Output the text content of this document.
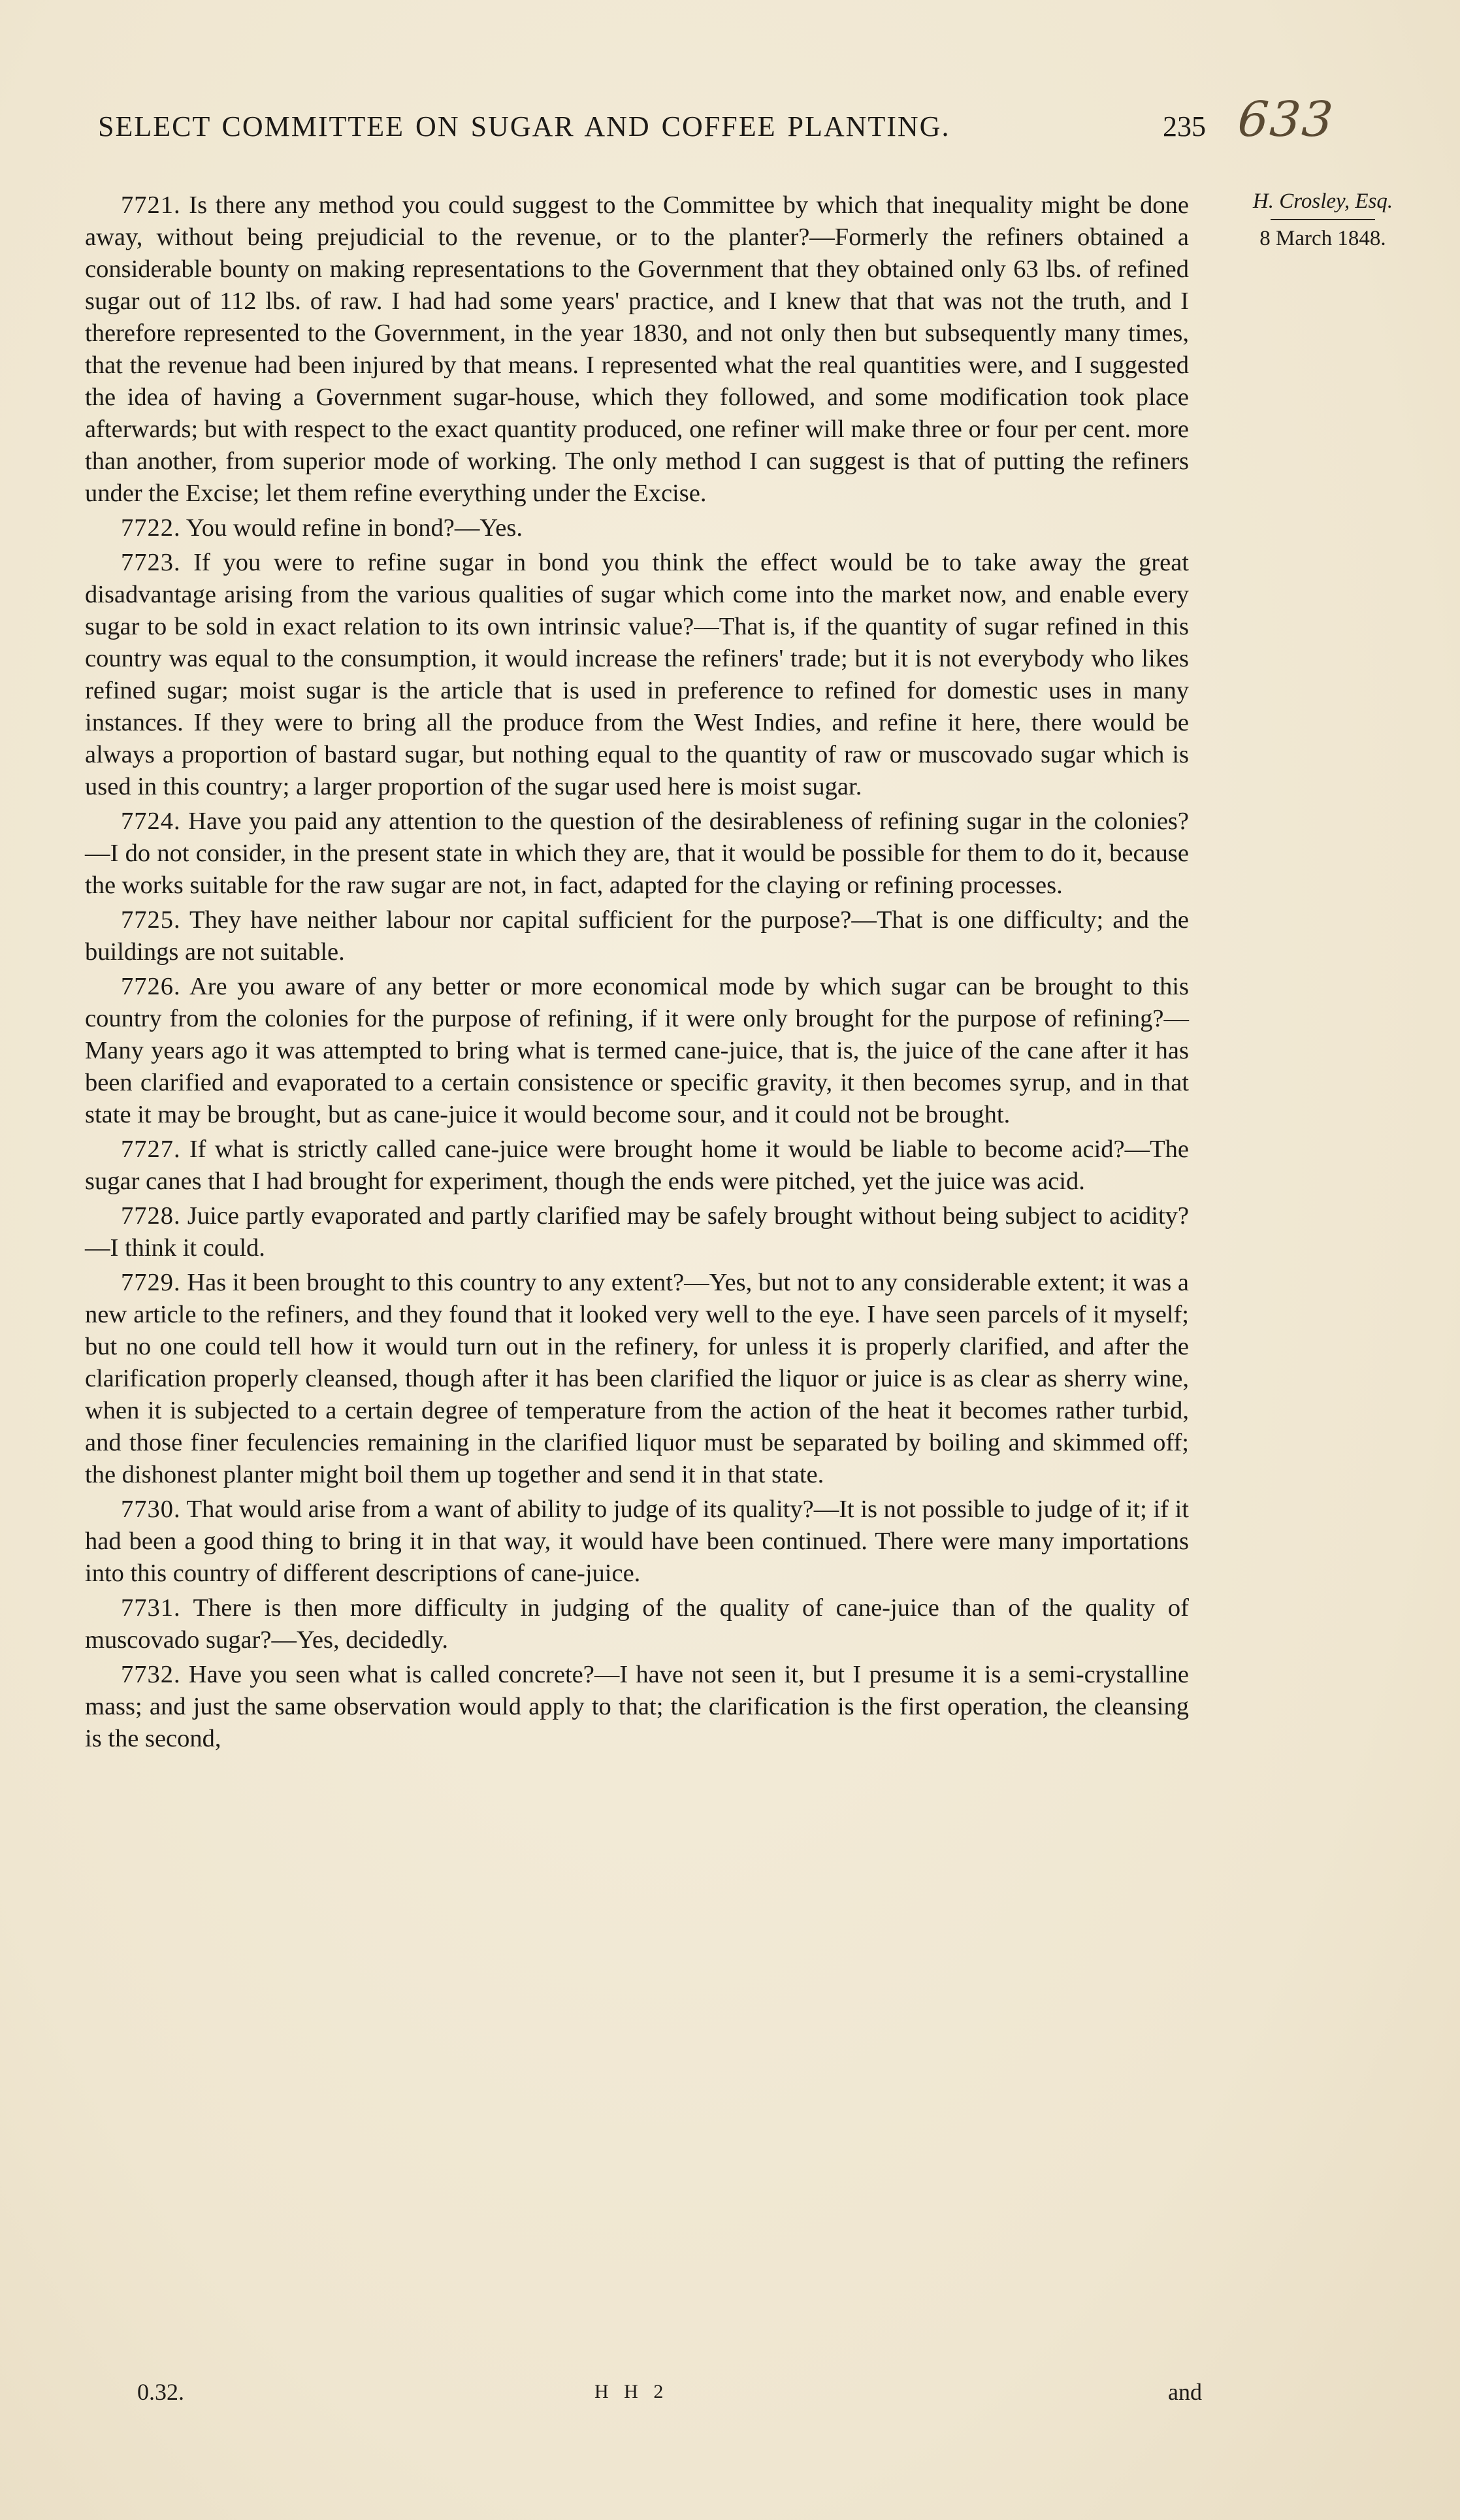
SELECT COMMITTEE ON SUGAR AND COFFEE PLANTING.	235 633
H. Crosley, Esq.
8 March 1848.

7721. Is there any method you could suggest to the Committee by which that inequality might be done away, without being prejudicial to the revenue, or to the planter?—Formerly the refiners obtained a considerable bounty on making representations to the Government that they obtained only 63 lbs. of refined sugar out of 112 lbs. of raw. I had had some years' practice, and I knew that that was not the truth, and I therefore represented to the Government, in the year 1830, and not only then but subsequently many times, that the revenue had been injured by that means. I represented what the real quantities were, and I suggested the idea of having a Government sugar-house, which they followed, and some modification took place afterwards; but with respect to the exact quantity produced, one refiner will make three or four per cent. more than another, from superior mode of working. The only method I can suggest is that of putting the refiners under the Excise; let them refine everything under the Excise.

7722. You would refine in bond?—Yes.

7723. If you were to refine sugar in bond you think the effect would be to take away the great disadvantage arising from the various qualities of sugar which come into the market now, and enable every sugar to be sold in exact relation to its own intrinsic value?—That is, if the quantity of sugar refined in this country was equal to the consumption, it would increase the refiners' trade; but it is not everybody who likes refined sugar; moist sugar is the article that is used in preference to refined for domestic uses in many instances. If they were to bring all the produce from the West Indies, and refine it here, there would be always a proportion of bastard sugar, but nothing equal to the quantity of raw or muscovado sugar which is used in this country; a larger proportion of the sugar used here is moist sugar.

7724. Have you paid any attention to the question of the desirableness of refining sugar in the colonies?—I do not consider, in the present state in which they are, that it would be possible for them to do it, because the works suitable for the raw sugar are not, in fact, adapted for the claying or refining processes.

7725. They have neither labour nor capital sufficient for the purpose?—That is one difficulty; and the buildings are not suitable.

7726. Are you aware of any better or more economical mode by which sugar can be brought to this country from the colonies for the purpose of refining, if it were only brought for the purpose of refining?—Many years ago it was attempted to bring what is termed cane-juice, that is, the juice of the cane after it has been clarified and evaporated to a certain consistence or specific gravity, it then becomes syrup, and in that state it may be brought, but as cane-juice it would become sour, and it could not be brought.

7727. If what is strictly called cane-juice were brought home it would be liable to become acid?—The sugar canes that I had brought for experiment, though the ends were pitched, yet the juice was acid.

7728. Juice partly evaporated and partly clarified may be safely brought without being subject to acidity?—I think it could.

7729. Has it been brought to this country to any extent?—Yes, but not to any considerable extent; it was a new article to the refiners, and they found that it looked very well to the eye. I have seen parcels of it myself; but no one could tell how it would turn out in the refinery, for unless it is properly clarified, and after the clarification properly cleansed, though after it has been clarified the liquor or juice is as clear as sherry wine, when it is subjected to a certain degree of temperature from the action of the heat it becomes rather turbid, and those finer feculencies remaining in the clarified liquor must be separated by boiling and skimmed off; the dishonest planter might boil them up together and send it in that state.

7730. That would arise from a want of ability to judge of its quality?—It is not possible to judge of it; if it had been a good thing to bring it in that way, it would have been continued. There were many importations into this country of different descriptions of cane-juice.

7731. There is then more difficulty in judging of the quality of cane-juice than of the quality of muscovado sugar?—Yes, decidedly.

7732. Have you seen what is called concrete?—I have not seen it, but I presume it is a semi-crystalline mass; and just the same observation would apply to that; the clarification is the first operation, the cleansing is the second,

0.32.	H H 2	and
